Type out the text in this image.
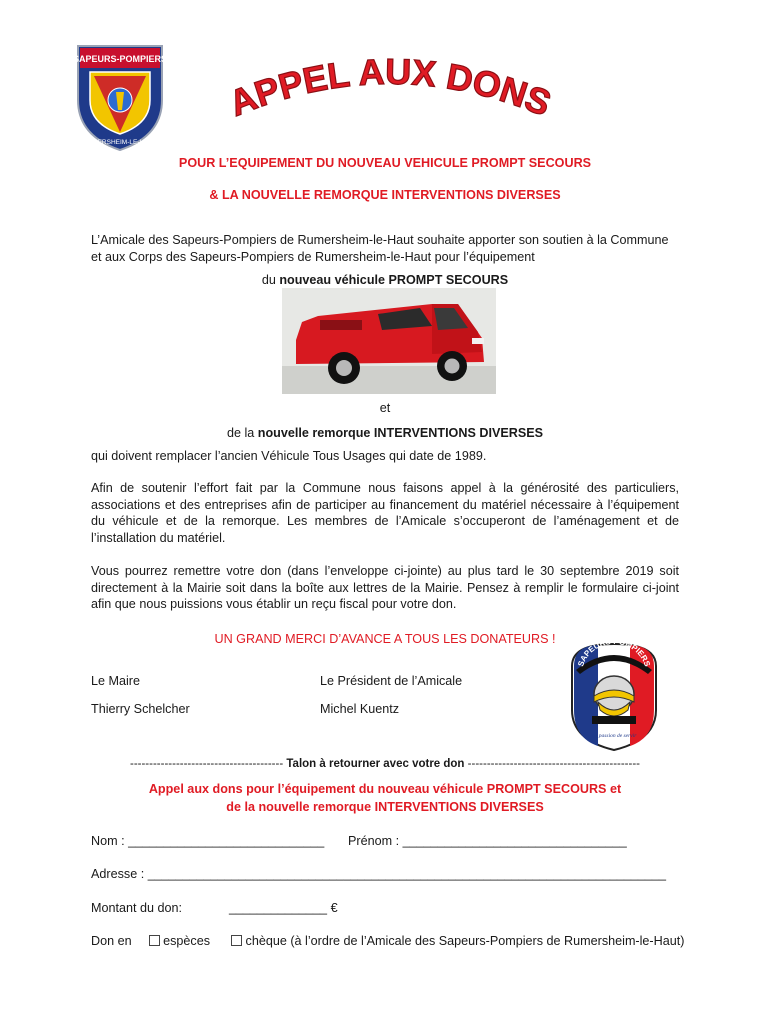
SAPEURS-POMPIERS
RUMERSHEIM-LE-HAUT
APPEL AUX DONS
POUR L’EQUIPEMENT DU NOUVEAU VEHICULE PROMPT SECOURS
& LA NOUVELLE REMORQUE INTERVENTIONS DIVERSES
L’Amicale des Sapeurs-Pompiers de Rumersheim-le-Haut souhaite apporter son soutien à la Commune et aux Corps des Sapeurs-Pompiers de Rumersheim-le-Haut pour l’équipement
du nouveau véhicule PROMPT SECOURS
et
de la nouvelle remorque INTERVENTIONS DIVERSES
qui doivent remplacer l’ancien Véhicule Tous Usages qui date de 1989.
Afin de soutenir l’effort fait par la Commune nous faisons appel à la générosité des particuliers, associations et des entreprises afin de participer au financement du matériel nécessaire à l’équipement du véhicule et de la remorque. Les membres de l’Amicale s’occuperont de l’aménagement et de l’installation du matériel.
Vous pourrez remettre votre don (dans l’enveloppe ci-jointe) au plus tard le 30 septembre 2019 soit directement à la Mairie soit dans la boîte aux lettres de la Mairie. Pensez à remplir le formulaire ci-joint afin que nous puissions vous établir un reçu fiscal pour votre don.
UN GRAND MERCI D’AVANCE A TOUS LES DONATEURS !
Le Maire
Thierry Schelcher
Le Président de l’Amicale
Michel Kuentz
SAPEURS POMPIERS
La passion de servir
---------------------------------------- Talon à retourner avec votre don ---------------------------------------------
Appel aux dons pour l’équipement du nouveau véhicule PROMPT SECOURS et
de la nouvelle remorque INTERVENTIONS DIVERSES
Nom : ____________________________ Prénom : ________________________________
Adresse : __________________________________________________________________________
Montant du don:	______________ €
Don en	espèces	chèque (à l’ordre de l’Amicale des Sapeurs-Pompiers de Rumersheim-le-Haut)
